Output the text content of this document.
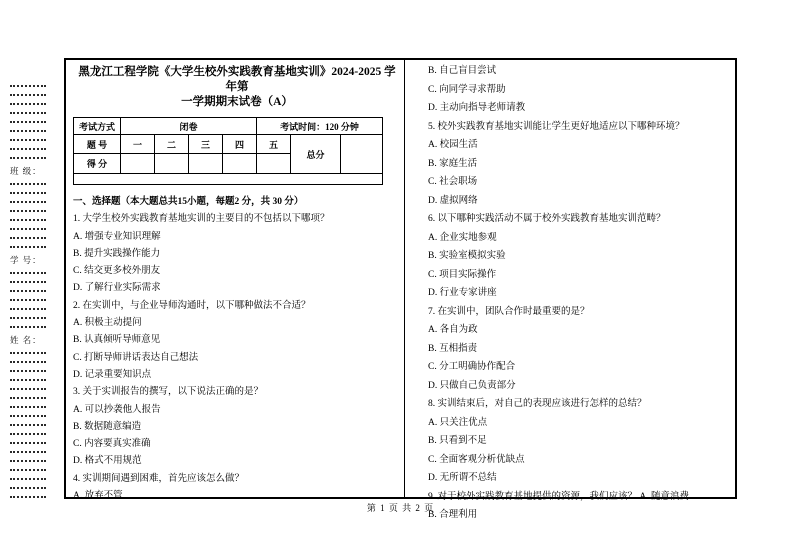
班 级：
学 号：
姓 名：
黑龙江工程学院《大学生校外实践教育基地实训》2024-2025 学年第
一学期期末试卷（A）
考试方式	闭卷				考试时间：120 分钟		
题 号	一	二	三	四	五	总分	
得 分							

一、选择题（本大题总共15小题，每题2 分，共 30 分）
1. 大学生校外实践教育基地实训的主要目的不包括以下哪项？
A. 增强专业知识理解
B. 提升实践操作能力
C. 结交更多校外朋友
D. 了解行业实际需求
2. 在实训中，与企业导师沟通时，以下哪种做法不合适？
A. 积极主动提问
B. 认真倾听导师意见
C. 打断导师讲话表达自己想法
D. 记录重要知识点
3. 关于实训报告的撰写，以下说法正确的是？
A. 可以抄袭他人报告
B. 数据随意编造
C. 内容要真实准确
D. 格式不用规范
4. 实训期间遇到困难，首先应该怎么做？
A. 放弃不管
B. 自己盲目尝试
C. 向同学寻求帮助
D. 主动向指导老师请教
5. 校外实践教育基地实训能让学生更好地适应以下哪种环境？
A. 校园生活
B. 家庭生活
C. 社会职场
D. 虚拟网络
6. 以下哪种实践活动不属于校外实践教育基地实训范畴？
A. 企业实地参观
B. 实验室模拟实验
C. 项目实际操作
D. 行业专家讲座
7. 在实训中，团队合作时最重要的是？
A. 各自为政
B. 互相指责
C. 分工明确协作配合
D. 只做自己负责部分
8. 实训结束后，对自己的表现应该进行怎样的总结？
A. 只关注优点
B. 只看到不足
C. 全面客观分析优缺点
D. 无所谓不总结
9. 对于校外实践教育基地提供的资源，我们应该？ A. 随意浪费
B. 合理利用
第 1 页 共 2 页
